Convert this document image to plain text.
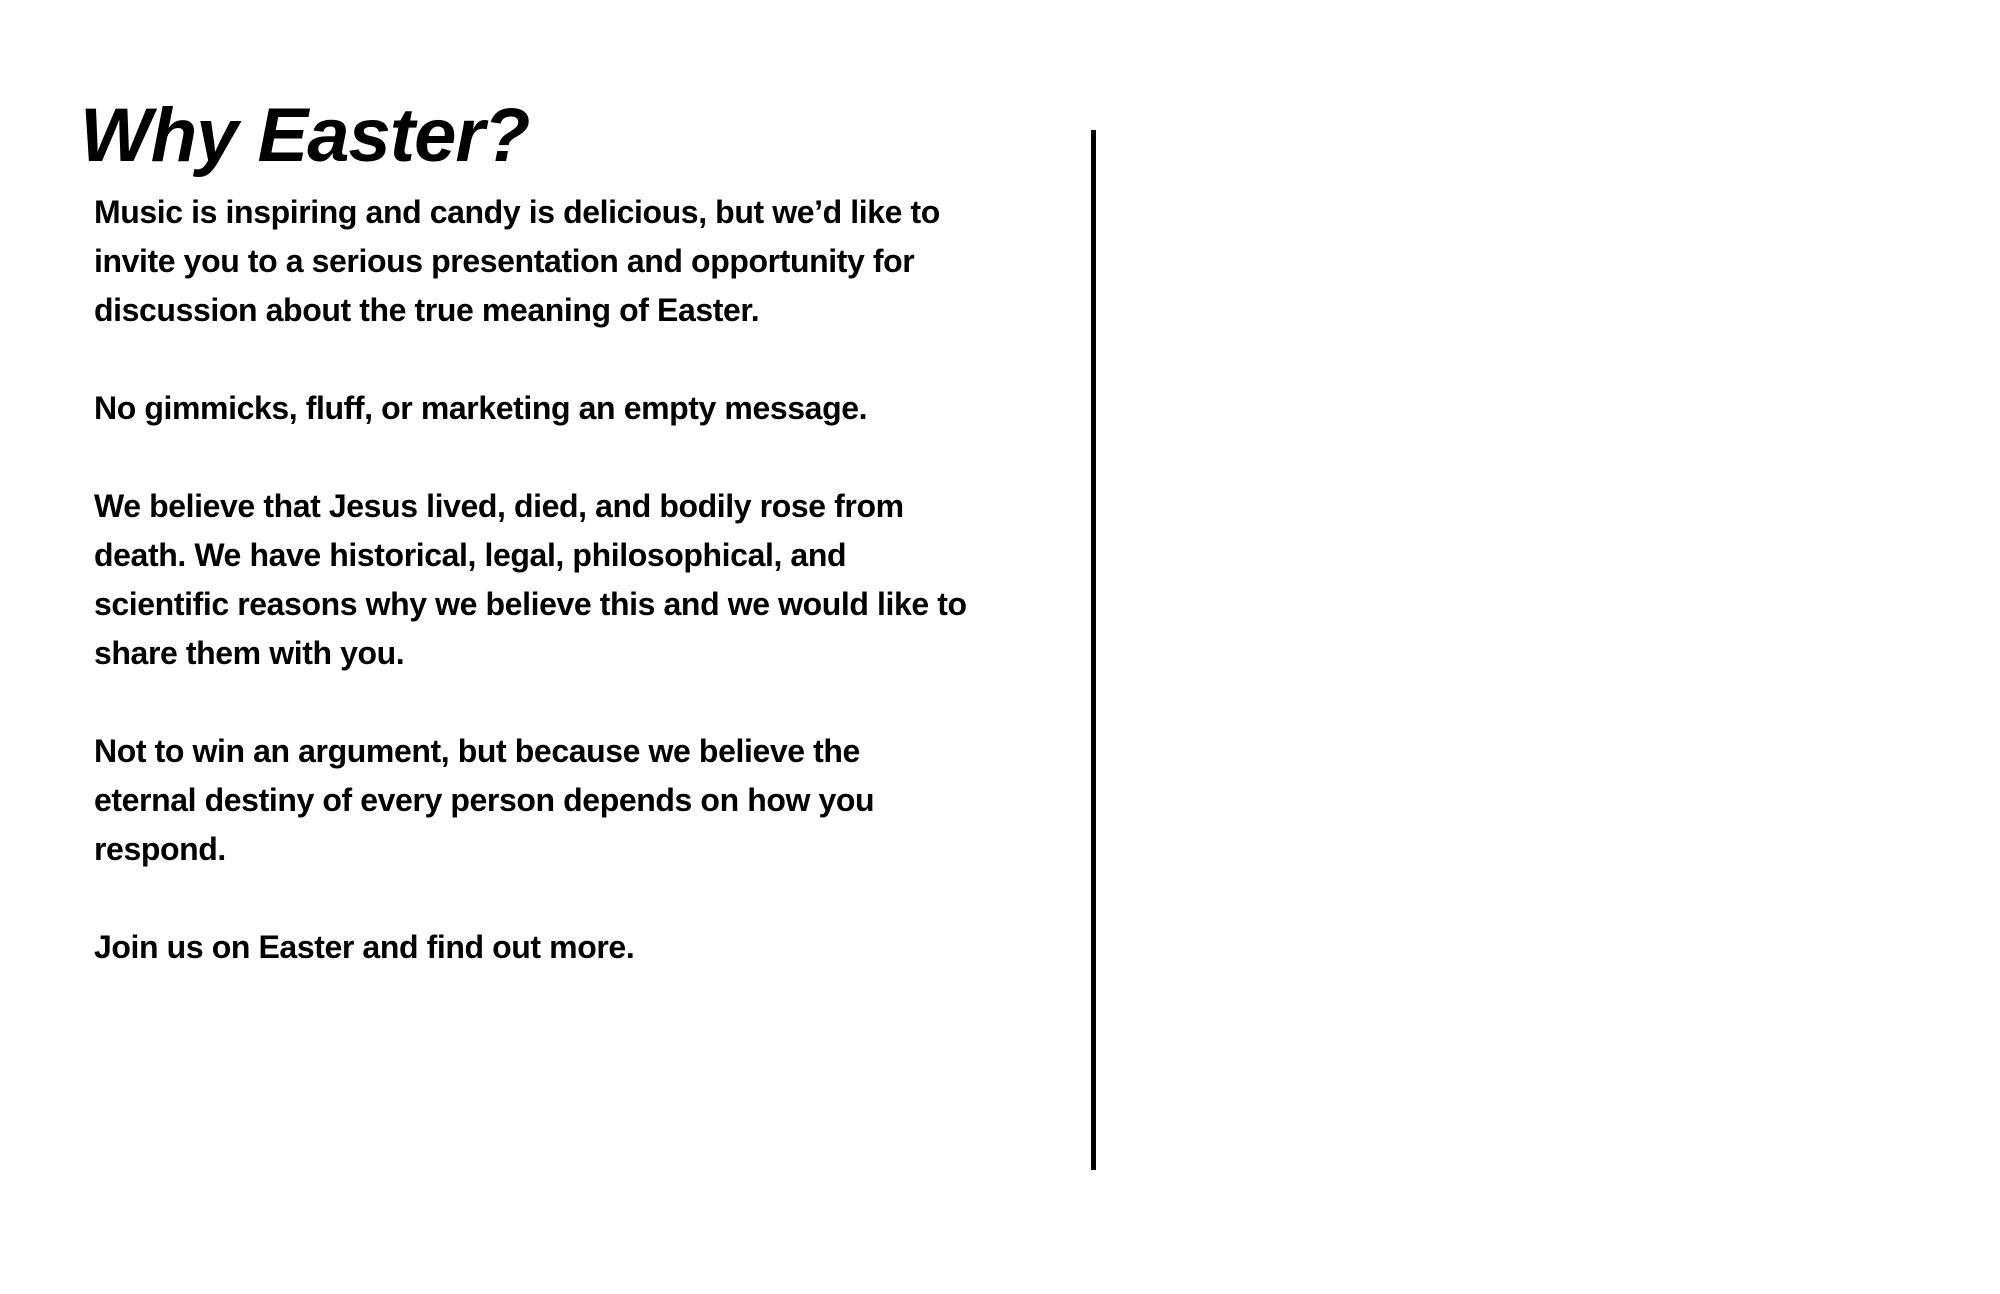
Why Easter?

Music is inspiring and candy is delicious, but we’d like to
invite you to a serious presentation and opportunity for
discussion about the true meaning of Easter.

No gimmicks, fluff, or marketing an empty message.

We believe that Jesus lived, died, and bodily rose from
death. We have historical, legal, philosophical, and
scientific reasons why we believe this and we would like to
share them with you.

Not to win an argument, but because we believe the
eternal destiny of every person depends on how you
respond.

Join us on Easter and find out more.
